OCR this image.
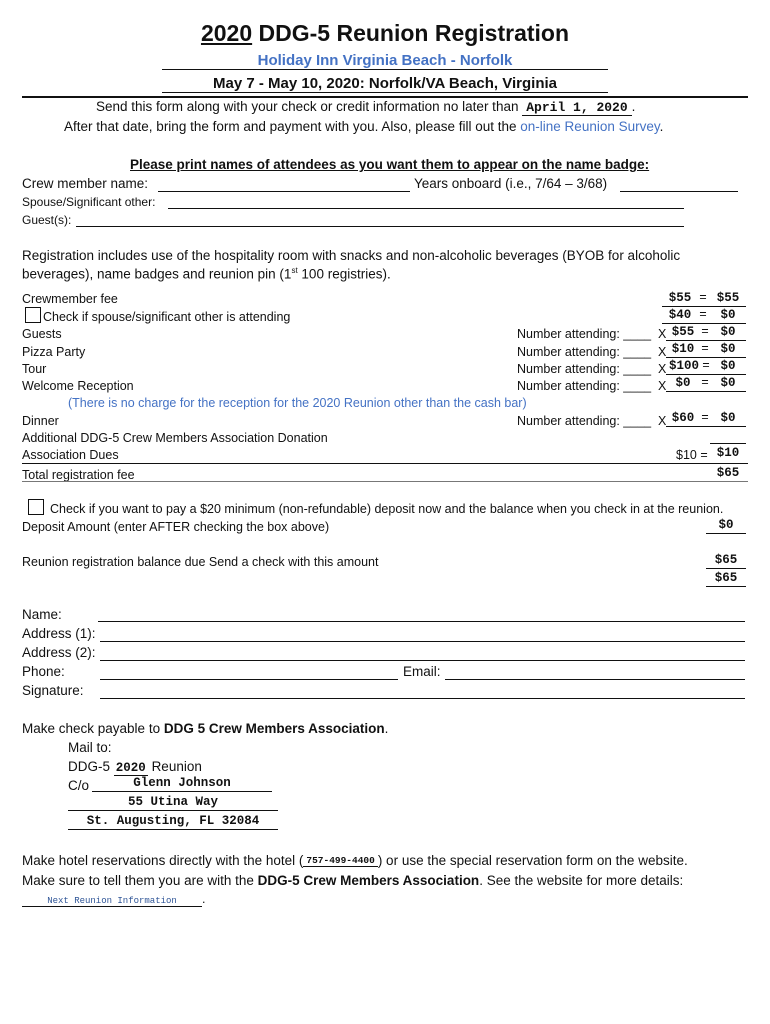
2020 DDG-5 Reunion Registration
Holiday Inn Virginia Beach - Norfolk
May 7 - May 10, 2020: Norfolk/VA Beach, Virginia
Send this form along with your check or credit information no later than April 1, 2020 .
After that date, bring the form and payment with you. Also, please fill out the on-line Reunion Survey.
Please print names of attendees as you want them to appear on the name badge:
Crew member name:	Years onboard (i.e., 7/64 – 3/68)
Spouse/Significant other:
Guest(s):
Registration includes use of the hospitality room with snacks and non-alcoholic beverages (BYOB for alcoholic
beverages), name badges and reunion pin (1st 100 registries).
Crewmember fee	$55 = $55
Check if spouse/significant other is attending	$40 =	$0
Guests	Number attending: ____ X $55 = $0
Pizza Party	Number attending: ____ X $10 = $0
Tour	Number attending: ____ X $100 = $0
Welcome Reception	Number attending: ____ X $0 = $0
(There is no charge for the reception for the 2020 Reunion other than the cash bar)
Dinner	Number attending: ____ X $60 = $0
Additional DDG-5 Crew Members Association Donation
Association Dues	$10 = $10
Total registration fee	$65
Check if you want to pay a $20 minimum (non-refundable) deposit now and the balance when you check in at the reunion.
Deposit Amount (enter AFTER checking the box above)	$0
Reunion registration balance due Send a check with this amount	$65
$65
Name:
Address (1):
Address (2):
Phone:	Email:
Signature:
Make check payable to DDG 5 Crew Members Association.
Mail to:
DDG-5 2020 Reunion
C/o	Glenn Johnson
55 Utina Way
St. Augusting, FL 32084
Make hotel reservations directly with the hotel ( 757-499-4400 ) or use the special reservation form on the website.
Make sure to tell them you are with the DDG-5 Crew Members Association. See the website for more details:
Next Reunion Information .
